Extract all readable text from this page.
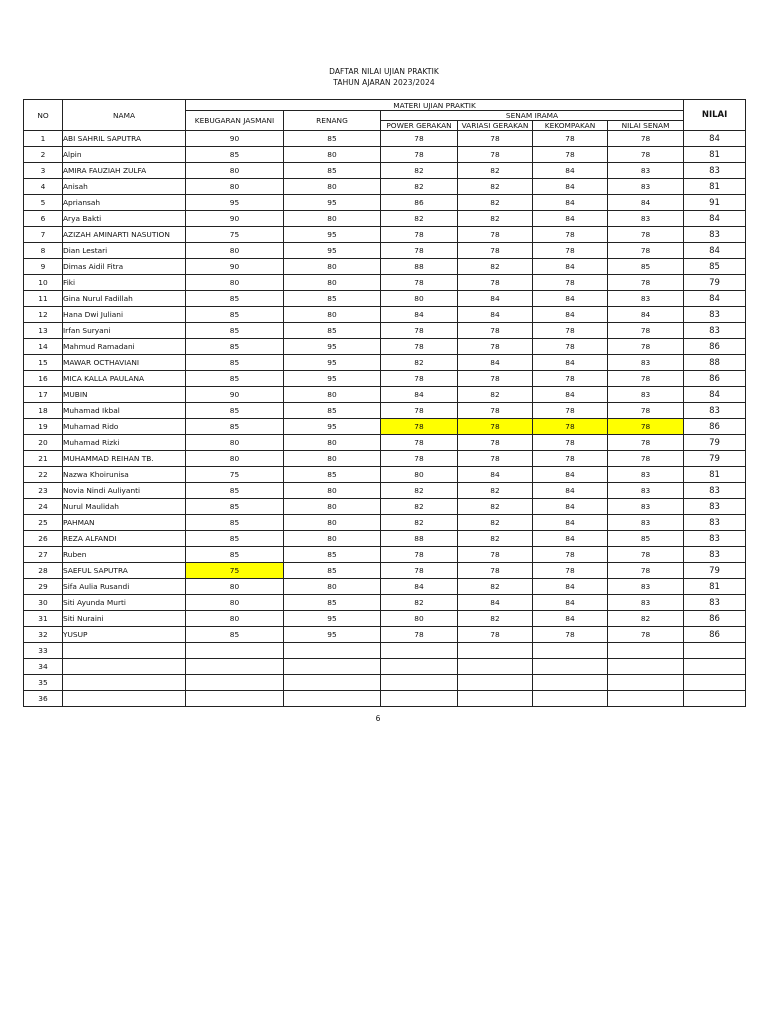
DAFTAR NILAI UJIAN PRAKTIK
TAHUN AJARAN 2023/2024
NO	NAMA	MATERI UJIAN PRAKTIK						NILAI
		KEBUGARAN JASMANI	RENANG	SENAM IRAMA				
				POWER GERAKAN	VARIASI GERAKAN	KEKOMPAKAN	NILAI SENAM	
1	ABI SAHRIL SAPUTRA	90	85	78	78	78	78	84
2	Alpin	85	80	78	78	78	78	81
3	AMIRA FAUZIAH ZULFA	80	85	82	82	84	83	83
4	Anisah	80	80	82	82	84	83	81
5	Apriansah	95	95	86	82	84	84	91
6	Arya Bakti	90	80	82	82	84	83	84
7	AZIZAH AMINARTI NASUTION	75	95	78	78	78	78	83
8	Dian Lestari	80	95	78	78	78	78	84
9	Dimas Aidil Fitra	90	80	88	82	84	85	85
10	Fiki	80	80	78	78	78	78	79
11	Gina Nurul Fadillah	85	85	80	84	84	83	84
12	Hana Dwi Juliani	85	80	84	84	84	84	83
13	Irfan Suryani	85	85	78	78	78	78	83
14	Mahmud Ramadani	85	95	78	78	78	78	86
15	MAWAR OCTHAVIANI	85	95	82	84	84	83	88
16	MICA KALLA PAULANA	85	95	78	78	78	78	86
17	MUBIN	90	80	84	82	84	83	84
18	Muhamad Ikbal	85	85	78	78	78	78	83
19	Muhamad Rido	85	95	78	78	78	78	86
20	Muhamad Rizki	80	80	78	78	78	78	79
21	MUHAMMAD REIHAN TB.	80	80	78	78	78	78	79
22	Nazwa Khoirunisa	75	85	80	84	84	83	81
23	Novia Nindi Auliyanti	85	80	82	82	84	83	83
24	Nurul Maulidah	85	80	82	82	84	83	83
25	PAHMAN	85	80	82	82	84	83	83
26	REZA ALFANDI	85	80	88	82	84	85	83
27	Ruben	85	85	78	78	78	78	83
28	SAEFUL SAPUTRA	75	85	78	78	78	78	79
29	Sifa Aulia Rusandi	80	80	84	82	84	83	81
30	Siti Ayunda Murti	80	85	82	84	84	83	83
31	Siti Nuraini	80	95	80	82	84	82	86
32	YUSUP	85	95	78	78	78	78	86
33								
34								
35								
36								
6
